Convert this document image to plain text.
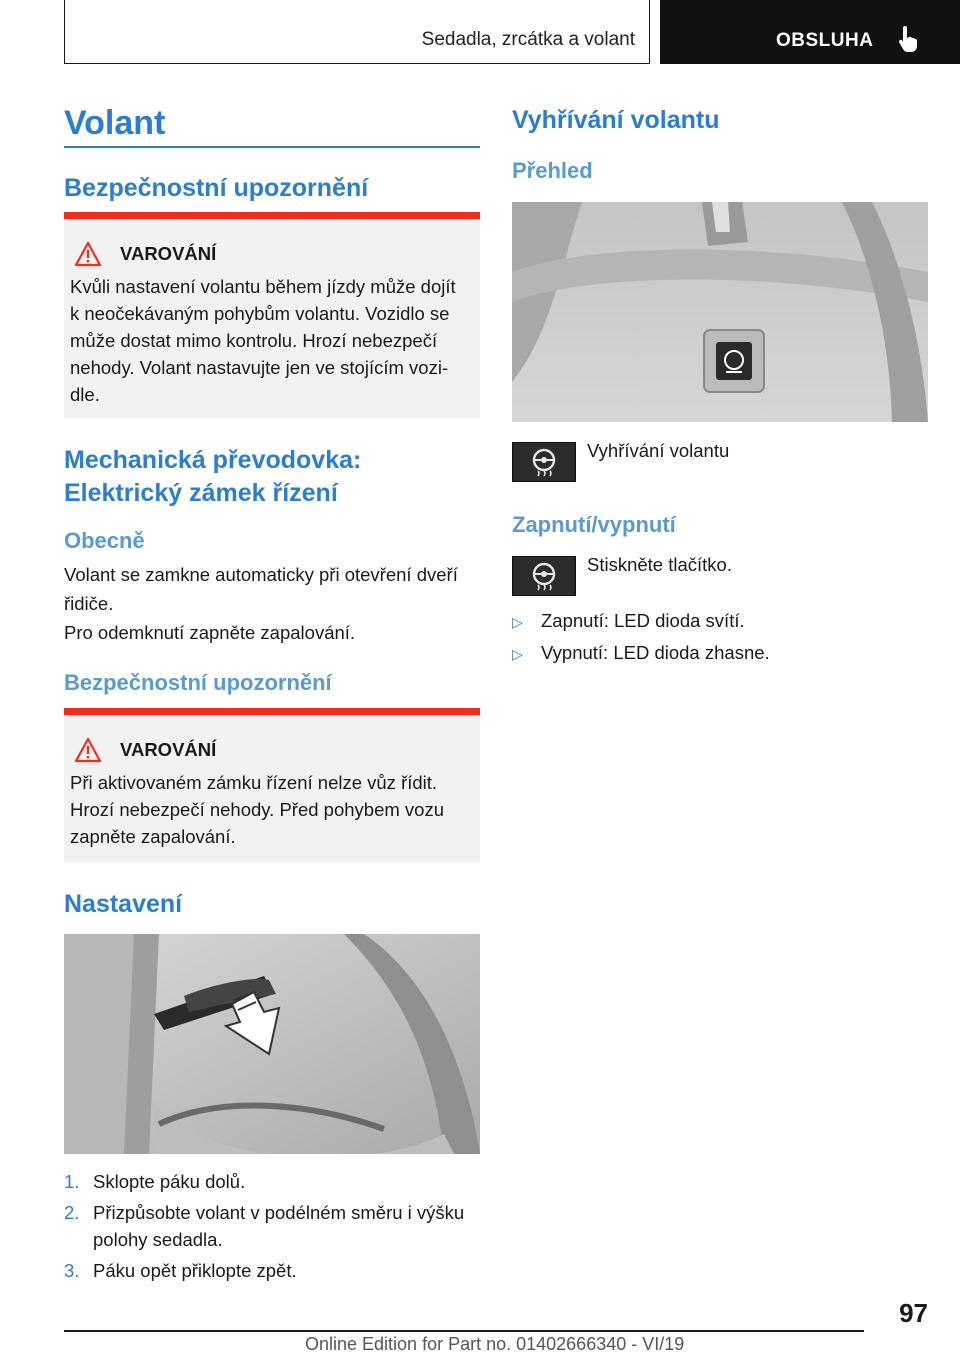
Sedadla, zrcátka a volant	OBSLUHA
Volant
Bezpečnostní upozornění
VAROVÁNÍ
Kvůli nastavení volantu během jízdy může dojít
k neočekávaným pohybům volantu. Vozidlo se
může dostat mimo kontrolu. Hrozí nebezpečí
nehody. Volant nastavujte jen ve stojícím vozi-
dle.
Mechanická převodovka:
Elektrický zámek řízení
Obecně
Volant se zamkne automaticky při otevření dveří
řidiče.
Pro odemknutí zapněte zapalování.
Bezpečnostní upozornění
VAROVÁNÍ
Při aktivovaném zámku řízení nelze vůz řídit.
Hrozí nebezpečí nehody. Před pohybem vozu
zapněte zapalování.
Nastavení
1. Sklopte páku dolů.
2. Přizpůsobte volant v podélném směru i výšku
polohy sedadla.
3. Páku opět přiklopte zpět.
Vyhřívání volantu
Přehled
Vyhřívání volantu
Zapnutí/vypnutí
Stiskněte tlačítko.
▷ Zapnutí: LED dioda svítí.
▷ Vypnutí: LED dioda zhasne.
97
Online Edition for Part no. 01402666340 - VI/19
